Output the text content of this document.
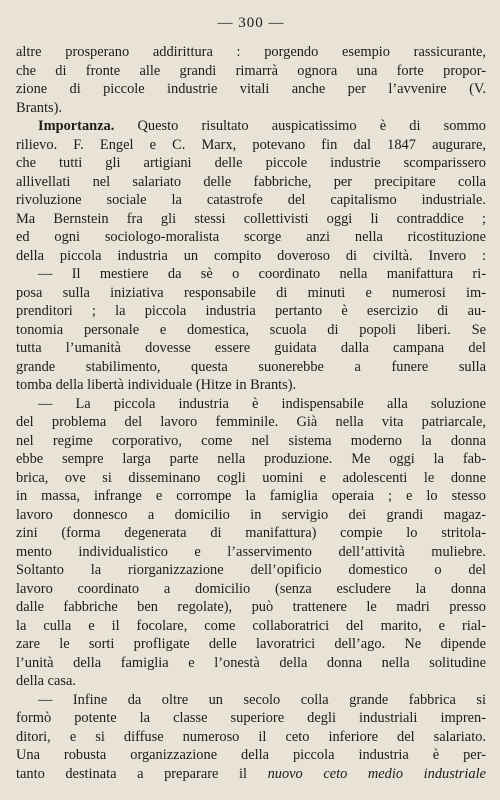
— 300 —
altre prosperano addirittura : porgendo esempio rassicurante,
che di fronte alle grandi rimarrà ognora una forte propor-
zione di piccole industrie vitali anche per l’avvenire (V.
Brants).
Importanza. Questo risultato auspicatissimo è di sommo
rilievo. F. Engel e C. Marx, potevano fin dal 1847 augurare,
che tutti gli artigiani delle piccole industrie scomparissero
allivellati nel salariato delle fabbriche, per precipitare colla
rivoluzione sociale la catastrofe del capitalismo industriale.
Ma Bernstein fra gli stessi collettivisti oggi li contraddice ;
ed ogni sociologo-moralista scorge anzi nella ricostituzione
della piccola industria un compito doveroso di civiltà. Invero :
— Il mestiere da sè o coordinato nella manifattura ri-
posa sulla iniziativa responsabile di minuti e numerosi im-
prenditori ; la piccola industria pertanto è esercizio di au-
tonomia personale e domestica, scuola di popoli liberi. Se
tutta l’umanità dovesse essere guidata dalla campana del
grande stabilimento, questa suonerebbe a funere sulla
tomba della libertà individuale (Hitze in Brants).
— La piccola industria è indispensabile alla soluzione
del problema del lavoro femminile. Già nella vita patriarcale,
nel regime corporativo, come nel sistema moderno la donna
ebbe sempre larga parte nella produzione. Me oggi la fab-
brica, ove si disseminano cogli uomini e adolescenti le donne
in massa, infrange e corrompe la famiglia operaia ; e lo stesso
lavoro donnesco a domicilio in servigio dei grandi magaz-
zini (forma degenerata di manifattura) compie lo stritola-
mento individualistico e l’asservimento dell’attività muliebre.
Soltanto la riorganizzazione dell’opificio domestico o del
lavoro coordinato a domicilio (senza escludere la donna
dalle fabbriche ben regolate), può trattenere le madri presso
la culla e il focolare, come collaboratrici del marito, e rial-
zare le sorti profligate delle lavoratrici dell’ago. Ne dipende
l’unità della famiglia e l’onestà della donna nella solitudine
della casa.
— Infine da oltre un secolo colla grande fabbrica si
formò potente la classe superiore degli industriali impren-
ditori, e si diffuse numeroso il ceto inferiore del salariato.
Una robusta organizzazione della piccola industria è per-
tanto destinata a preparare il nuovo ceto medio industriale
